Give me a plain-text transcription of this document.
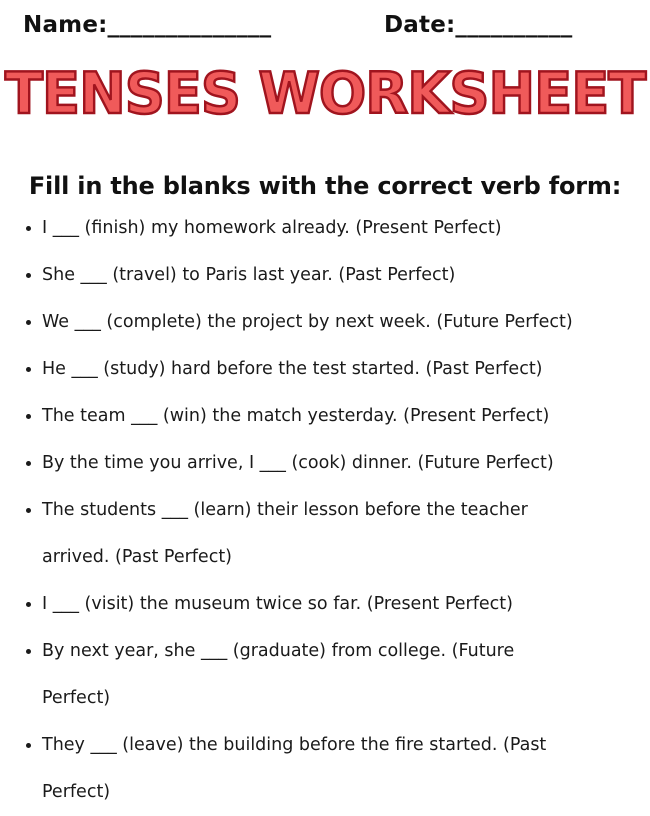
Name:______________	Date:__________
TENSES WORKSHEET
Fill in the blanks with the correct verb form:
I ___ (finish) my homework already. (Present Perfect)
She ___ (travel) to Paris last year. (Past Perfect)
We ___ (complete) the project by next week. (Future Perfect)
He ___ (study) hard before the test started. (Past Perfect)
The team ___ (win) the match yesterday. (Present Perfect)
By the time you arrive, I ___ (cook) dinner. (Future Perfect)
The students ___ (learn) their lesson before the teacher
arrived. (Past Perfect)
I ___ (visit) the museum twice so far. (Present Perfect)
By next year, she ___ (graduate) from college. (Future
Perfect)
They ___ (leave) the building before the fire started. (Past
Perfect)
